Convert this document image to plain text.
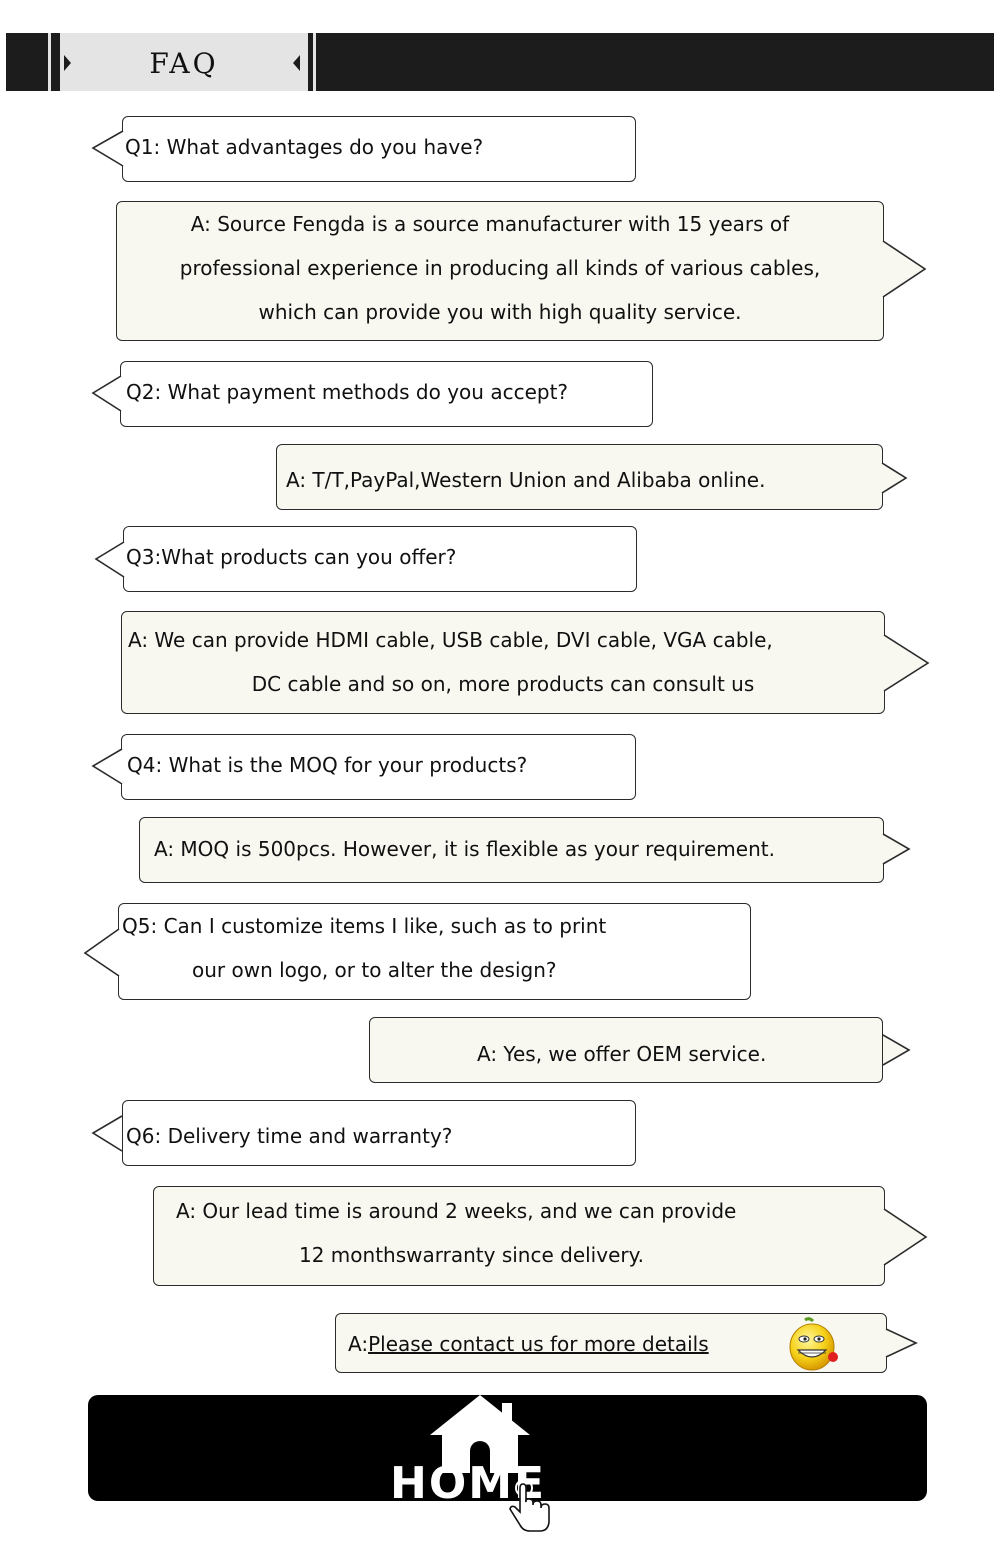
FAQ
Q1: What advantages do you have?
A: Source Fengda is a source manufacturer with 15 years of
professional experience in producing all kinds of various cables,
which can provide you with high quality service.
Q2: What payment methods do you accept?
A: T/T,PayPal,Western Union and Alibaba online.
Q3:What products can you offer?
A: We can provide HDMI cable, USB cable, DVI cable, VGA cable,
DC cable and so on, more products can consult us
Q4: What is the MOQ for your products?
A: MOQ is 500pcs. However, it is flexible as your requirement.
Q5: Can I customize items I like, such as to print
our own logo, or to alter the design?
A: Yes, we offer OEM service.
Q6: Delivery time and warranty?
A: Our lead time is around 2 weeks, and we can provide
12 monthswarranty since delivery.
A:Please contact us for more details
HOME
